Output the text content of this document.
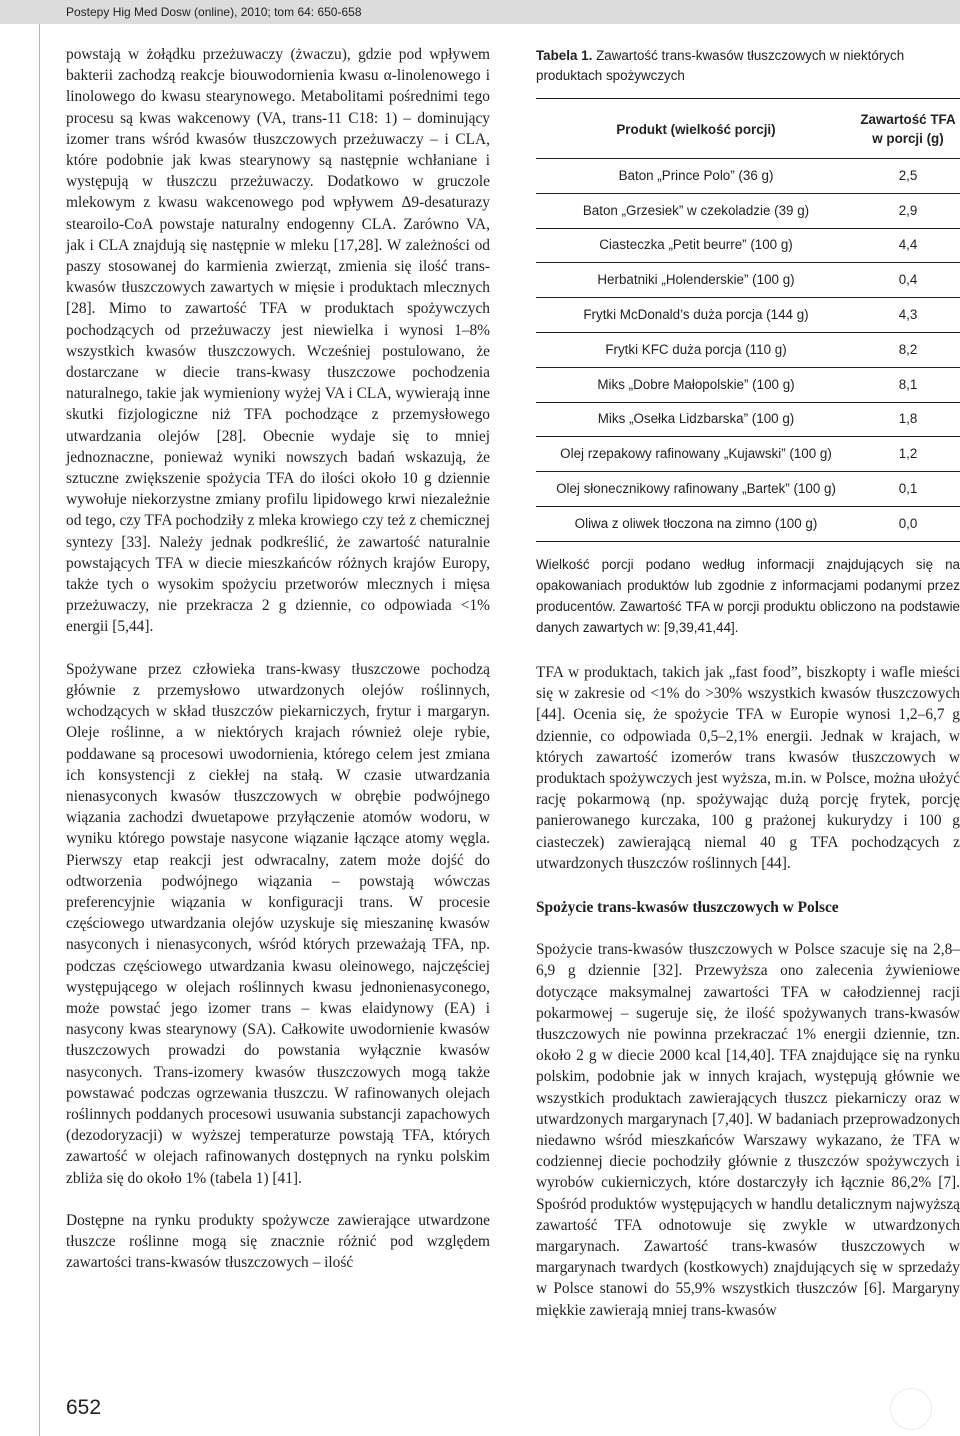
Postepy Hig Med Dosw (online), 2010; tom 64: 650-658

powstają w żołądku przeżuwaczy (żwaczu), gdzie pod wpływem bakterii zachodzą reakcje biouwodornienia kwasu α-linolenowego i linolowego do kwasu stearynowego. Metabolitami pośrednimi tego procesu są kwas wakcenowy (VA, trans-11 C18: 1) – dominujący izomer trans wśród kwasów tłuszczowych przeżuwaczy – i CLA, które podobnie jak kwas stearynowy są następnie wchłaniane i występują w tłuszczu przeżuwaczy. Dodatkowo w gruczole mlekowym z kwasu wakcenowego pod wpływem Δ9-desaturazy stearoilo-CoA powstaje naturalny endogenny CLA. Zarówno VA, jak i CLA znajdują się następnie w mleku [17,28]. W zależności od paszy stosowanej do karmienia zwierząt, zmienia się ilość trans-kwasów tłuszczowych zawartych w mięsie i produktach mlecznych [28]. Mimo to zawartość TFA w produktach spożywczych pochodzących od przeżuwaczy jest niewielka i wynosi 1–8% wszystkich kwasów tłuszczowych. Wcześniej postulowano, że dostarczane w diecie trans-kwasy tłuszczowe pochodzenia naturalnego, takie jak wymieniony wyżej VA i CLA, wywierają inne skutki fizjologiczne niż TFA pochodzące z przemysłowego utwardzania olejów [28]. Obecnie wydaje się to mniej jednoznaczne, ponieważ wyniki nowszych badań wskazują, że sztuczne zwiększenie spożycia TFA do ilości około 10 g dziennie wywołuje niekorzystne zmiany profilu lipidowego krwi niezależnie od tego, czy TFA pochodziły z mleka krowiego czy też z chemicznej syntezy [33]. Należy jednak podkreślić, że zawartość naturalnie powstających TFA w diecie mieszkańców różnych krajów Europy, także tych o wysokim spożyciu przetworów mlecznych i mięsa przeżuwaczy, nie przekracza 2 g dziennie, co odpowiada <1% energii [5,44].

Spożywane przez człowieka trans-kwasy tłuszczowe pochodzą głównie z przemysłowo utwardzonych olejów roślinnych, wchodzących w skład tłuszczów piekarniczych, frytur i margaryn. Oleje roślinne, a w niektórych krajach również oleje rybie, poddawane są procesowi uwodornienia, którego celem jest zmiana ich konsystencji z ciekłej na stałą. W czasie utwardzania nienasyconych kwasów tłuszczowych w obrębie podwójnego wiązania zachodzi dwuetapowe przyłączenie atomów wodoru, w wyniku którego powstaje nasycone wiązanie łączące atomy węgla. Pierwszy etap reakcji jest odwracalny, zatem może dojść do odtworzenia podwójnego wiązania – powstają wówczas preferencyjnie wiązania w konfiguracji trans. W procesie częściowego utwardzania olejów uzyskuje się mieszaninę kwasów nasyconych i nienasyconych, wśród których przeważają TFA, np. podczas częściowego utwardzania kwasu oleinowego, najczęściej występującego w olejach roślinnych kwasu jednonienasyconego, może powstać jego izomer trans – kwas elaidynowy (EA) i nasycony kwas stearynowy (SA). Całkowite uwodornienie kwasów tłuszczowych prowadzi do powstania wyłącznie kwasów nasyconych. Trans-izomery kwasów tłuszczowych mogą także powstawać podczas ogrzewania tłuszczu. W rafinowanych olejach roślinnych poddanych procesowi usuwania substancji zapachowych (dezodoryzacji) w wyższej temperaturze powstają TFA, których zawartość w olejach rafinowanych dostępnych na rynku polskim zbliża się do około 1% (tabela 1) [41].

Dostępne na rynku produkty spożywcze zawierające utwardzone tłuszcze roślinne mogą się znacznie różnić pod względem zawartości trans-kwasów tłuszczowych – ilość

Tabela 1. Zawartość trans-kwasów tłuszczowych w niektórych produktach spożywczych

Produkt (wielkość porcji)	Zawartość TFA w porcji (g)
Baton „Prince Polo” (36 g)	2,5
Baton „Grzesiek” w czekoladzie (39 g)	2,9
Ciasteczka „Petit beurre” (100 g)	4,4
Herbatniki „Holenderskie” (100 g)	0,4
Frytki McDonald’s duża porcja (144 g)	4,3
Frytki KFC duża porcja (110 g)	8,2
Miks „Dobre Małopolskie” (100 g)	8,1
Miks „Osełka Lidzbarska” (100 g)	1,8
Olej rzepakowy rafinowany „Kujawski” (100 g)	1,2
Olej słonecznikowy rafinowany „Bartek” (100 g)	0,1
Oliwa z oliwek tłoczona na zimno (100 g)	0,0

Wielkość porcji podano według informacji znajdujących się na opakowaniach produktów lub zgodnie z informacjami podanymi przez producentów. Zawartość TFA w porcji produktu obliczono na podstawie danych zawartych w: [9,39,41,44].

TFA w produktach, takich jak „fast food”, biszkopty i wafle mieści się w zakresie od <1% do >30% wszystkich kwasów tłuszczowych [44]. Ocenia się, że spożycie TFA w Europie wynosi 1,2–6,7 g dziennie, co odpowiada 0,5–2,1% energii. Jednak w krajach, w których zawartość izomerów trans kwasów tłuszczowych w produktach spożywczych jest wyższa, m.in. w Polsce, można ułożyć rację pokarmową (np. spożywając dużą porcję frytek, porcję panierowanego kurczaka, 100 g prażonej kukurydzy i 100 g ciasteczek) zawierającą niemal 40 g TFA pochodzących z utwardzonych tłuszczów roślinnych [44].

Spożycie trans-kwasów tłuszczowych w Polsce

Spożycie trans-kwasów tłuszczowych w Polsce szacuje się na 2,8–6,9 g dziennie [32]. Przewyższa ono zalecenia żywieniowe dotyczące maksymalnej zawartości TFA w całodziennej racji pokarmowej – sugeruje się, że ilość spożywanych trans-kwasów tłuszczowych nie powinna przekraczać 1% energii dziennie, tzn. około 2 g w diecie 2000 kcal [14,40]. TFA znajdujące się na rynku polskim, podobnie jak w innych krajach, występują głównie we wszystkich produktach zawierających tłuszcz piekarniczy oraz w utwardzonych margarynach [7,40]. W badaniach przeprowadzonych niedawno wśród mieszkańców Warszawy wykazano, że TFA w codziennej diecie pochodziły głównie z tłuszczów spożywczych i wyrobów cukierniczych, które dostarczyły ich łącznie 86,2% [7]. Spośród produktów występujących w handlu detalicznym najwyższą zawartość TFA odnotowuje się zwykle w utwardzonych margarynach. Zawartość trans-kwasów tłuszczowych w margarynach twardych (kostkowych) znajdujących się w sprzedaży w Polsce stanowi do 55,9% wszystkich tłuszczów [6]. Margaryny miękkie zawierają mniej trans-kwasów

652
